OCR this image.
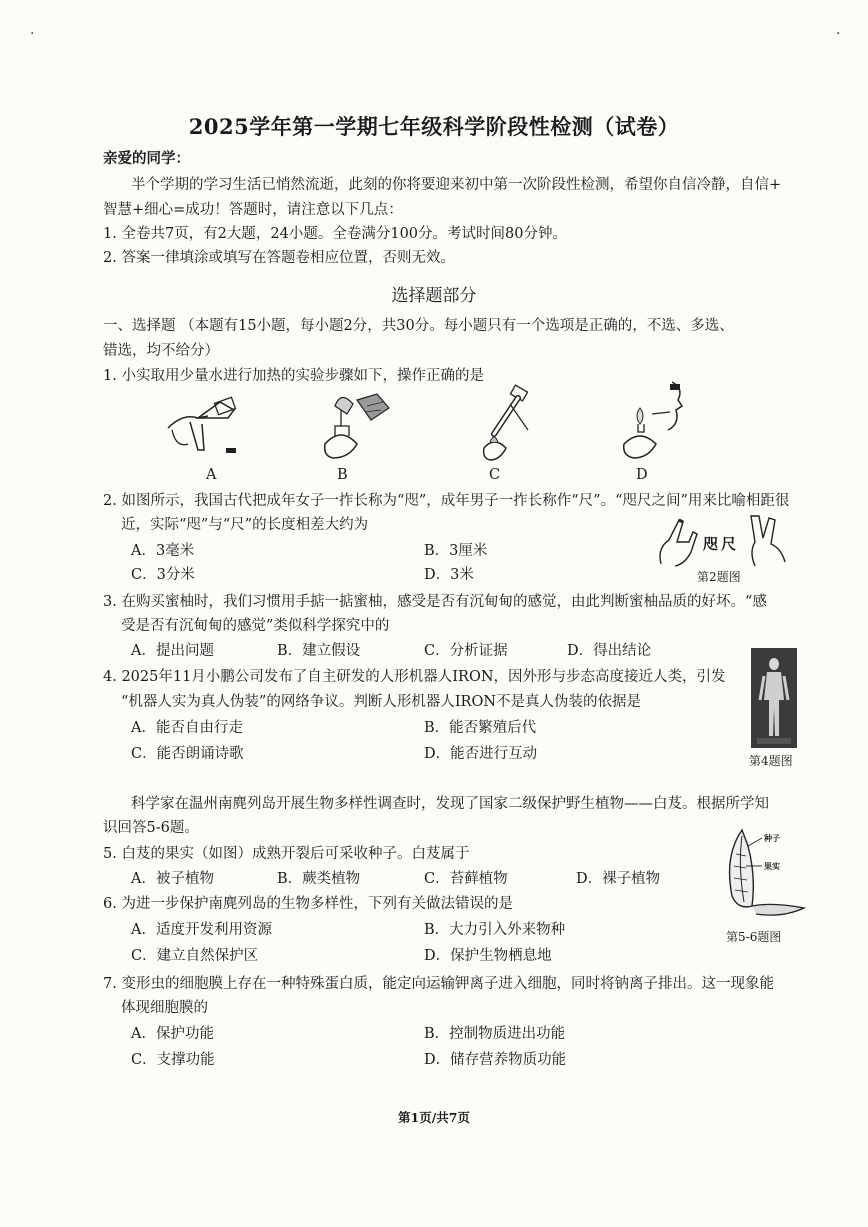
·	·
2025学年第一学期七年级科学阶段性检测（试卷）
亲爱的同学：
半个学期的学习生活已悄然流逝，此刻的你将要迎来初中第一次阶段性检测，希望你自信冷静，自信+
智慧+细心=成功！答题时，请注意以下几点：
1. 全卷共7页，有2大题，24小题。全卷满分100分。考试时间80分钟。
2. 答案一律填涂或填写在答题卷相应位置，否则无效。
选择题部分
一、选择题 （本题有15小题，每小题2分，共30分。每小题只有一个选项是正确的，不选、多选、
错选，均不给分）
1. 小实取用少量水进行加热的实验步骤如下，操作正确的是
A	B	C	D
2. 如图所示，我国古代把成年女子一拃长称为“咫”，成年男子一拃长称作“尺”。“咫尺之间”用来比喻相距很
近，实际“咫”与“尺”的长度相差大约为
A．3毫米	B．3厘米
C．3分米	D．3米
咫尺
第2题图
3. 在购买蜜柚时，我们习惯用手掂一掂蜜柚，感受是否有沉甸甸的感觉，由此判断蜜柚品质的好坏。“感
受是否有沉甸甸的感觉”类似科学探究中的
A．提出问题	B．建立假设	C．分析证据	D．得出结论
4. 2025年11月小鹏公司发布了自主研发的人形机器人IRON，因外形与步态高度接近人类，引发
“机器人实为真人伪装”的网络争议。判断人形机器人IRON不是真人伪装的依据是
A．能否自由行走	B．能否繁殖后代
C．能否朗诵诗歌	D．能否进行互动	第4题图
科学家在温州南麂列岛开展生物多样性调查时，发现了国家二级保护野生植物——白芨。根据所学知
识回答5-6题。
5. 白芨的果实（如图）成熟开裂后可采收种子。白芨属于
A．被子植物	B．蕨类植物	C．苔藓植物	D．裸子植物
种子
果实
第5-6题图
6. 为进一步保护南麂列岛的生物多样性，下列有关做法错误的是
A．适度开发利用资源	B．大力引入外来物种
C．建立自然保护区	D．保护生物栖息地
7. 变形虫的细胞膜上存在一种特殊蛋白质，能定向运输钾离子进入细胞，同时将钠离子排出。这一现象能
体现细胞膜的
A．保护功能	B．控制物质进出功能
C．支撑功能	D．储存营养物质功能
第1页/共7页
